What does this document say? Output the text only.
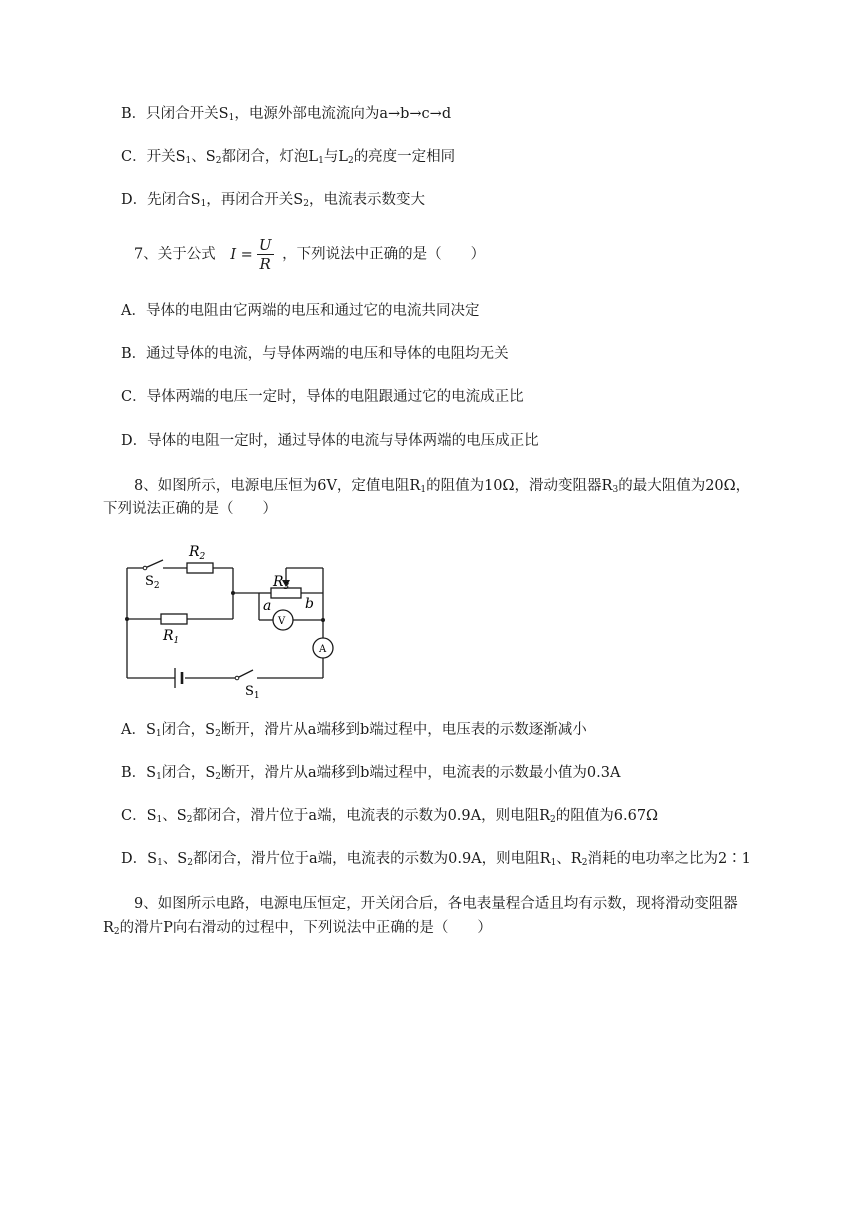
B．只闭合开关$S_1$，电源外部电流流向为a→b→c→d
C．开关$S_1$、$S_2$都闭合，灯泡$L_1$与$L_2$的亮度一定相同
D．先闭合$S_1$，再闭合开关$S_2$，电流表示数变大
7、关于公式 $I = \frac{U}{R}$ ，下列说法中正确的是（　　）
A．导体的电阻由它两端的电压和通过它的电流共同决定
B．通过导体的电流，与导体两端的电压和导体的电阻均无关
C．导体两端的电压一定时，导体的电阻跟通过它的电流成正比
D．导体的电阻一定时，通过导体的电流与导体两端的电压成正比
8、如图所示，电源电压恒为6V，定值电阻$R_1$的阻值为10Ω，滑动变阻器$R_3$的最大阻值为20Ω，
下列说法正确的是（　　）
$R_2$
$R_1$
$R_3$
$S_2$
$S_1$
a b
V
A
A．$S_1$闭合，$S_2$断开，滑片从a端移到b端过程中，电压表的示数逐渐减小
B．$S_1$闭合，$S_2$断开，滑片从a端移到b端过程中，电流表的示数最小值为0.3A
C．$S_1$、$S_2$都闭合，滑片位于a端，电流表的示数为0.9A，则电阻$R_2$的阻值为6.67Ω
D．$S_1$、$S_2$都闭合，滑片位于a端，电流表的示数为0.9A，则电阻$R_1$、$R_2$消耗的电功率之比为2∶1
9、如图所示电路，电源电压恒定，开关闭合后，各电表量程合适且均有示数，现将滑动变阻器
$R_2$的滑片P向右滑动的过程中，下列说法中正确的是（　　）
